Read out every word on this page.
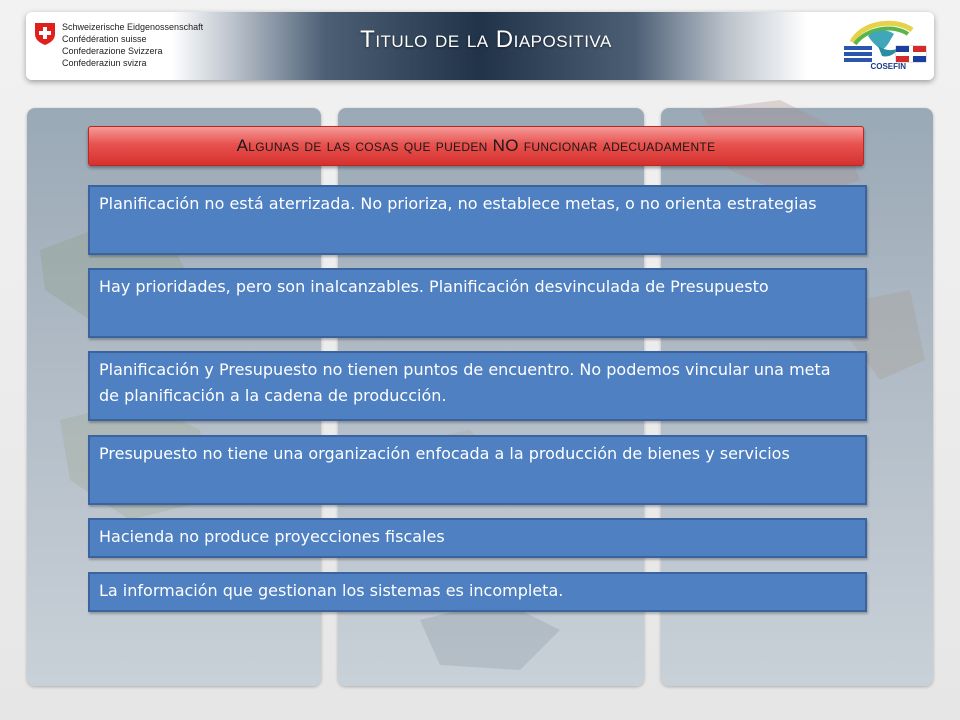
Schweizerische Eidgenossenschaft
Confédération suisse
Confederazione Svizzera
Confederaziun svizra
Titulo de la Diapositiva
COSEFIN
Algunas de las cosas que pueden NO funcionar adecuadamente
Planificación no está aterrizada. No prioriza, no establece metas, o no orienta estrategias
Hay prioridades, pero son inalcanzables. Planificación desvinculada de Presupuesto
Planificación y Presupuesto no tienen puntos de encuentro. No podemos vincular una meta de planificación a la cadena de producción.
Presupuesto no tiene una organización enfocada a la producción de bienes y servicios
Hacienda no produce proyecciones fiscales
La información que gestionan los sistemas es incompleta.
